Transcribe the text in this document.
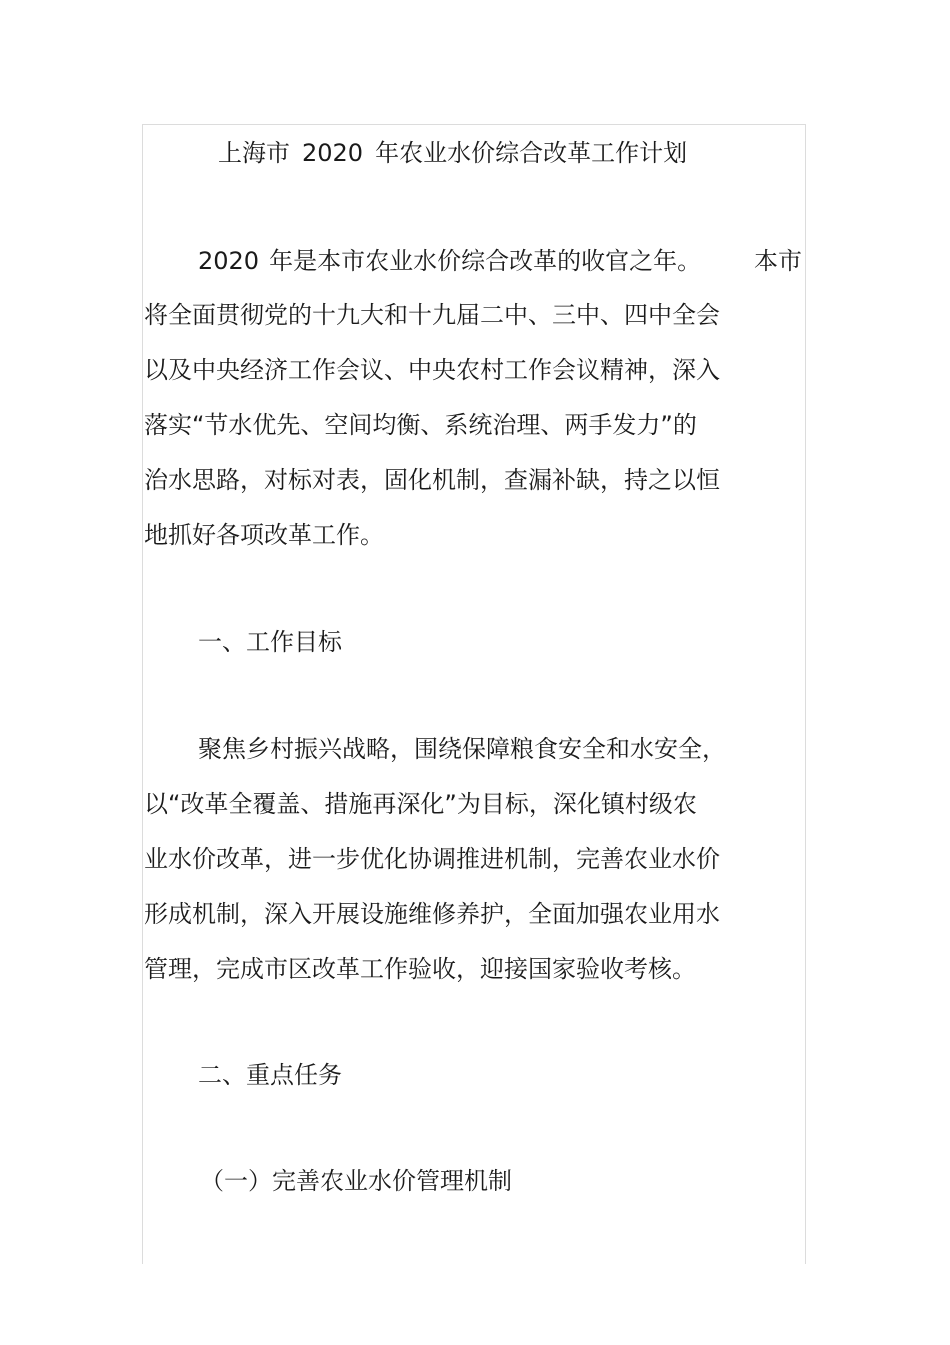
上海市 2020 年农业水价综合改革工作计划
2020 年是本市农业水价综合改革的收官之年。 本市
将全面贯彻党的十九大和十九届二中、三中、四中全会
以及中央经济工作会议、中央农村工作会议精神，深入
落实“节水优先、空间均衡、系统治理、两手发力”的
治水思路，对标对表，固化机制，查漏补缺，持之以恒
地抓好各项改革工作。
一、工作目标
聚焦乡村振兴战略，围绕保障粮食安全和水安全，
以“改革全覆盖、措施再深化”为目标，深化镇村级农
业水价改革，进一步优化协调推进机制，完善农业水价
形成机制，深入开展设施维修养护，全面加强农业用水
管理，完成市区改革工作验收，迎接国家验收考核。
二、重点任务
（一）完善农业水价管理机制
